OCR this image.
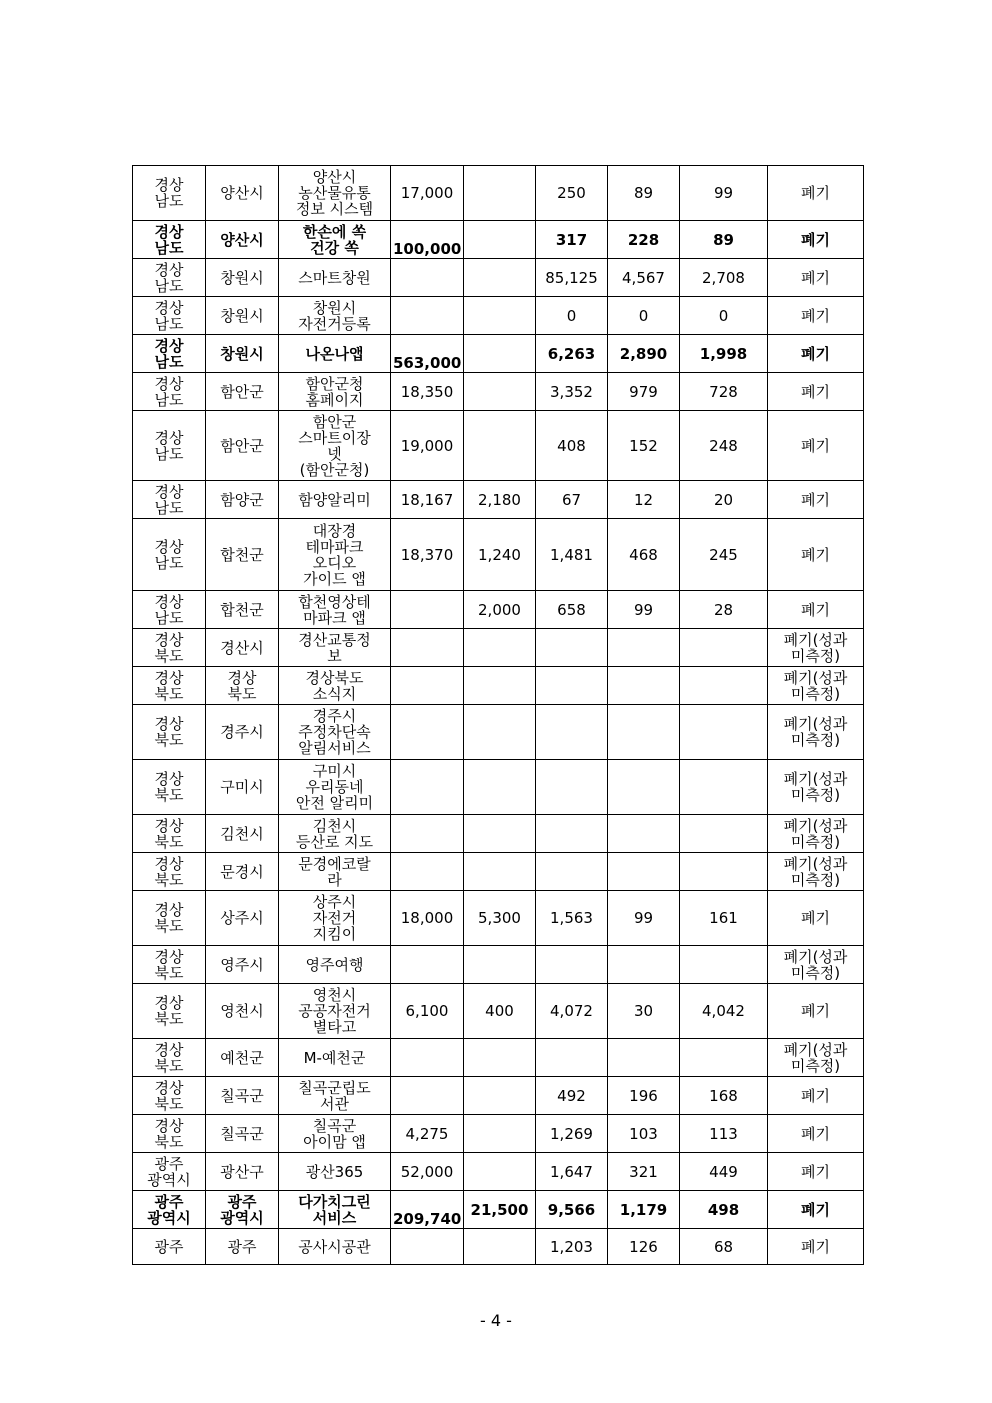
경상
남도	양산시	양산시
농산물유통
정보 시스템	17,000		250	89	99	폐기
경상
남도	양산시	한손에 쏙
건강 쏙	100,000		317	228	89	폐기
경상
남도	창원시	스마트창원			85,125	4,567	2,708	폐기
경상
남도	창원시	창원시
자전거등록			0	0	0	폐기
경상
남도	창원시	나온나앱	563,000		6,263	2,890	1,998	폐기
경상
남도	함안군	함안군청
홈페이지	18,350		3,352	979	728	폐기
경상
남도	함안군	함안군
스마트이장
넷
(함안군청)	19,000		408	152	248	폐기
경상
남도	함양군	함양알리미	18,167	2,180	67	12	20	폐기
경상
남도	합천군	대장경
테마파크
오디오
가이드 앱	18,370	1,240	1,481	468	245	폐기
경상
남도	합천군	합천영상테
마파크 앱		2,000	658	99	28	폐기
경상
북도	경산시	경산교통정
보						폐기(성과
미측정)
경상
북도	경상
북도	경상북도
소식지						폐기(성과
미측정)
경상
북도	경주시	경주시
주정차단속
알림서비스						폐기(성과
미측정)
경상
북도	구미시	구미시
우리동네
안전 알리미						폐기(성과
미측정)
경상
북도	김천시	김천시
등산로 지도						폐기(성과
미측정)
경상
북도	문경시	문경에코랄
라						폐기(성과
미측정)
경상
북도	상주시	상주시
자전거
지킴이	18,000	5,300	1,563	99	161	폐기
경상
북도	영주시	영주여행						폐기(성과
미측정)
경상
북도	영천시	영천시
공공자전거
별타고	6,100	400	4,072	30	4,042	폐기
경상
북도	예천군	M-예천군						폐기(성과
미측정)
경상
북도	칠곡군	칠곡군립도
서관			492	196	168	폐기
경상
북도	칠곡군	칠곡군
아이맘 앱	4,275		1,269	103	113	폐기
광주
광역시	광산구	광산365	52,000		1,647	321	449	폐기
광주
광역시	광주
광역시	다가치그린
서비스	209,740	21,500	9,566	1,179	498	폐기
광주	광주	공사시공관			1,203	126	68	폐기
- 4 -
